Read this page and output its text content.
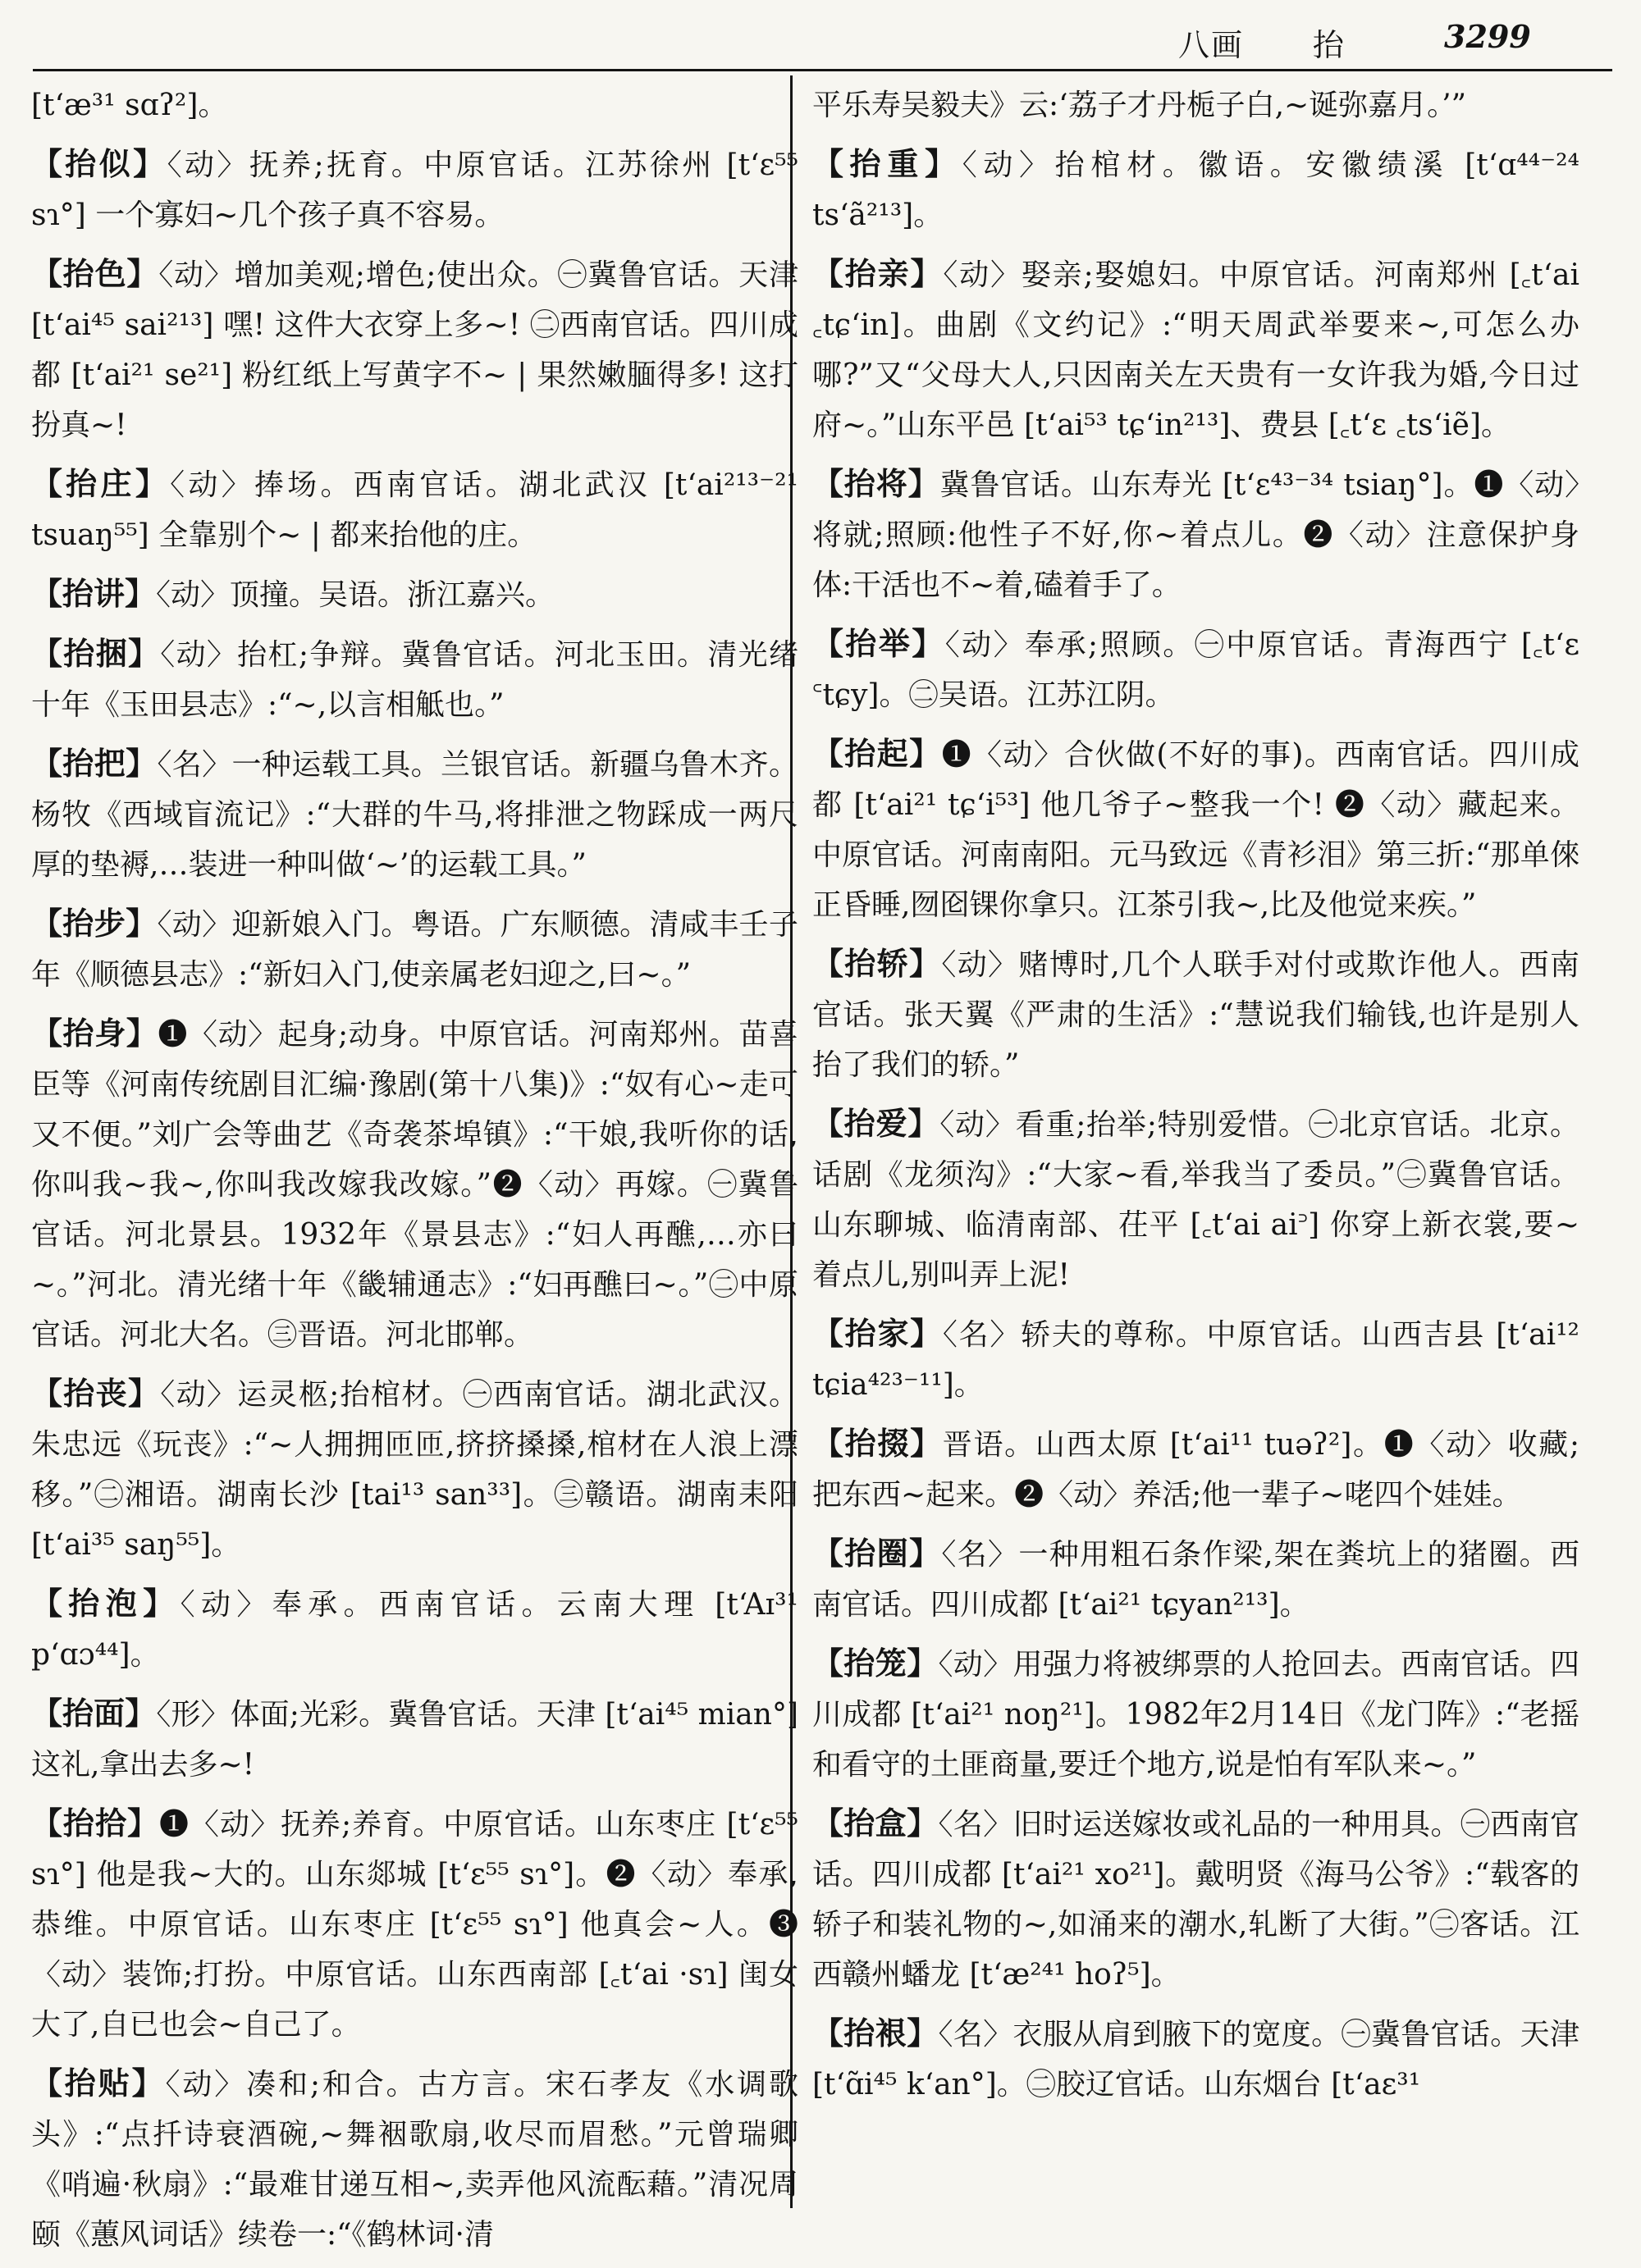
八画 抬	3299
[tʻæ³¹ sɑʔ²]。
【抬似】〈动〉抚养;抚育。中原官话。江苏徐州 [tʻɛ⁵⁵ sɿ°] 一个寡妇~几个孩子真不容易。
【抬色】〈动〉增加美观;增色;使出众。㊀冀鲁官话。天津 [tʻai⁴⁵ sai²¹³] 嘿! 这件大衣穿上多~! ㊁西南官话。四川成都 [tʻai²¹ se²¹] 粉红纸上写黄字不~ | 果然嫩腼得多! 这打扮真~!
【抬庄】〈动〉捧场。西南官话。湖北武汉 [tʻai²¹³⁻²¹ tsuaŋ⁵⁵] 全靠别个~ | 都来抬他的庄。
【抬讲】〈动〉顶撞。吴语。浙江嘉兴。
【抬捆】〈动〉抬杠;争辩。冀鲁官话。河北玉田。清光绪十年《玉田县志》:“~,以言相觝也。”
【抬把】〈名〉一种运载工具。兰银官话。新疆乌鲁木齐。杨牧《西域盲流记》:“大群的牛马,将排泄之物踩成一两尺厚的垫褥,…装进一种叫做‘~’的运载工具。”
【抬步】〈动〉迎新娘入门。粤语。广东顺德。清咸丰壬子年《顺德县志》:“新妇入门,使亲属老妇迎之,曰~。”
【抬身】❶〈动〉起身;动身。中原官话。河南郑州。苗喜臣等《河南传统剧目汇编·豫剧(第十八集)》:“奴有心~走可又不便。”刘广会等曲艺《奇袭茶埠镇》:“干娘,我听你的话,你叫我~我~,你叫我改嫁我改嫁。”❷〈动〉再嫁。㊀冀鲁官话。河北景县。1932年《景县志》:“妇人再醮,…亦曰~。”河北。清光绪十年《畿辅通志》:“妇再醮曰~。”㊁中原官话。河北大名。㊂晋语。河北邯郸。
【抬丧】〈动〉运灵柩;抬棺材。㊀西南官话。湖北武汉。朱忠远《玩丧》:“~人拥拥匝匝,挤挤搡搡,棺材在人浪上漂移。”㊁湘语。湖南长沙 [tai¹³ san³³]。㊂赣语。湖南耒阳 [tʻai³⁵ saŋ⁵⁵]。
【抬泡】〈动〉奉承。西南官话。云南大理 [tʻAɪ³¹ pʻɑɔ⁴⁴]。
【抬面】〈形〉体面;光彩。冀鲁官话。天津 [tʻai⁴⁵ mian°] 这礼,拿出去多~!
【抬拾】❶〈动〉抚养;养育。中原官话。山东枣庄 [tʻɛ⁵⁵ sɿ°] 他是我~大的。山东郯城 [tʻɛ⁵⁵ sɿ°]。❷〈动〉奉承,恭维。中原官话。山东枣庄 [tʻɛ⁵⁵ sɿ°] 他真会~人。❸〈动〉装饰;打扮。中原官话。山东西南部 [꜀tʻai ·sɿ] 闺女大了,自已也会~自己了。
【抬贴】〈动〉凑和;和合。古方言。宋石孝友《水调歌头》:“点扦诗衰酒碗,~舞裀歌扇,收尽而眉愁。”元曾瑞卿《哨遍·秋扇》:“最难甘递互相~,卖弄他风流酝藉。”清况周颐《蕙风词话》续卷一:“《鹤林词·清
平乐寿吴毅夫》云:‘荔子才丹栀子白,~诞弥嘉月。’”
【抬重】〈动〉抬棺材。徽语。安徽绩溪 [tʻɑ⁴⁴⁻²⁴ tsʻã²¹³]。
【抬亲】〈动〉娶亲;娶媳妇。中原官话。河南郑州 [꜀tʻai ꜀tɕʻin]。曲剧《文约记》:“明天周武举要来~,可怎么办哪?”又“父母大人,只因南关左天贵有一女许我为婚,今日过府~。”山东平邑 [tʻai⁵³ tɕʻin²¹³]、费县 [꜀tʻɛ ꜀tsʻiẽ]。
【抬将】冀鲁官话。山东寿光 [tʻɛ⁴³⁻³⁴ tsiaŋ°]。❶〈动〉将就;照顾:他性子不好,你~着点儿。❷〈动〉注意保护身体:干活也不~着,磕着手了。
【抬举】〈动〉奉承;照顾。㊀中原官话。青海西宁 [꜀tʻɛ ꜂tɕy]。㊁吴语。江苏江阴。
【抬起】❶〈动〉合伙做(不好的事)。西南官话。四川成都 [tʻai²¹ tɕʻi⁵³] 他几爷子~整我一个! ❷〈动〉藏起来。中原官话。河南南阳。元马致远《青衫泪》第三折:“那单倈正昏睡,囫囵锞你拿只。江茶引我~,比及他觉来疾。”
【抬轿】〈动〉赌博时,几个人联手对付或欺诈他人。西南官话。张天翼《严肃的生活》:“慧说我们输钱,也许是别人抬了我们的轿。”
【抬爱】〈动〉看重;抬举;特别爱惜。㊀北京官话。北京。话剧《龙须沟》:“大家~看,举我当了委员。”㊁冀鲁官话。山东聊城、临清南部、茌平 [꜀tʻai ai꜄] 你穿上新衣裳,要~着点儿,别叫弄上泥!
【抬家】〈名〉轿夫的尊称。中原官话。山西吉县 [tʻai¹² tɕia⁴²³⁻¹¹]。
【抬掇】晋语。山西太原 [tʻai¹¹ tuəʔ²]。❶〈动〉收藏;把东西~起来。❷〈动〉养活;他一辈子~咾四个娃娃。
【抬圈】〈名〉一种用粗石条作梁,架在粪坑上的猪圈。西南官话。四川成都 [tʻai²¹ tɕyan²¹³]。
【抬笼】〈动〉用强力将被绑票的人抢回去。西南官话。四川成都 [tʻai²¹ noŋ²¹]。1982年2月14日《龙门阵》:“老摇和看守的土匪商量,要迁个地方,说是怕有军队来~。”
【抬盒】〈名〉旧时运送嫁妆或礼品的一种用具。㊀西南官话。四川成都 [tʻai²¹ xo²¹]。戴明贤《海马公爷》:“载客的轿子和装礼物的~,如涌来的潮水,轧断了大街。”㊁客话。江西赣州蟠龙 [tʻæ²⁴¹ hoʔ⁵]。
【抬裉】〈名〉衣服从肩到腋下的宽度。㊀冀鲁官话。天津 [tʻɑ̃i⁴⁵ kʻan°]。㊁胶辽官话。山东烟台 [tʻaɛ³¹
